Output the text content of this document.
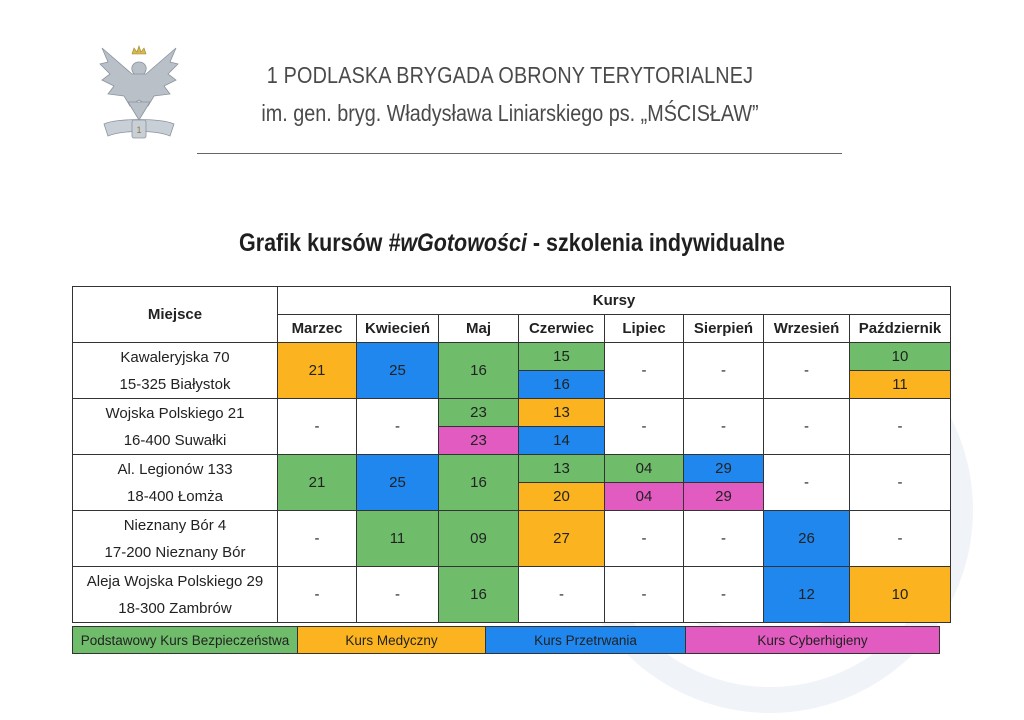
1
1 PODLASKA BRYGADA OBRONY TERYTORIALNEJ
im. gen. bryg. Władysława Liniarskiego ps. „MŚCISŁAW”
Grafik kursów #wGotowości - szkolenia indywidualne
Miejsce	Kursy							
	Marzec	Kwiecień	Maj	Czerwiec	Lipiec	Sierpień	Wrzesień	Październik

Kawaleryjska 70
15-325 Białystok	21	25	16	15	-	-	-	10
				16				11

Wojska Polskiego 21
16-400 Suwałki	-	-	23	13	-	-	-	-
			23	14				

Al. Legionów 133
18-400 Łomża	21	25	16	13	04	29	-	-
				20	04	29		

Nieznany Bór 4
17-200 Nieznany Bór	-	11	09	27	-	-	26	-

Aleja Wojska Polskiego 29
18-300 Zambrów	-	-	16	-	-	-	12	10

Podstawowy Kurs Bezpieczeństwa	Kurs Medyczny	Kurs Przetrwania	Kurs Cyberhigieny
